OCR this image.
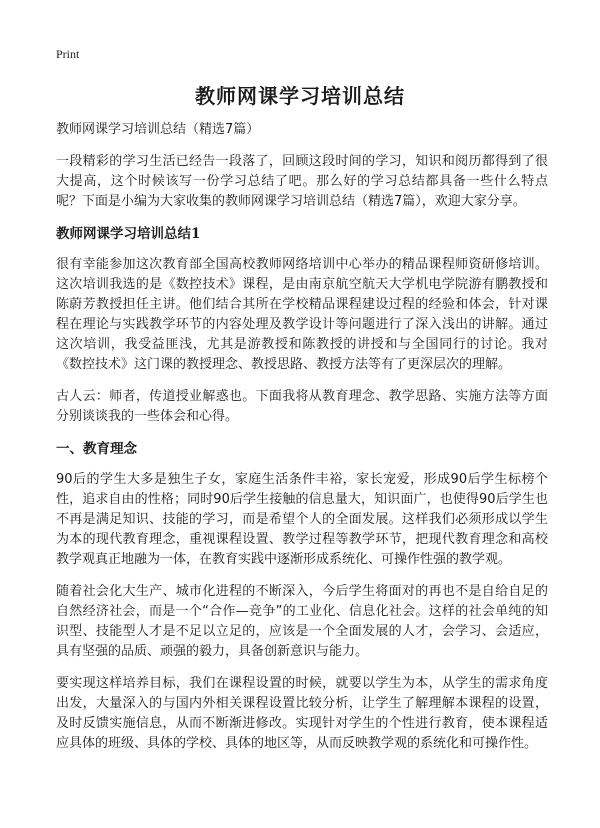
Print
教师网课学习培训总结
教师网课学习培训总结（精选7篇）

一段精彩的学习生活已经告一段落了，回顾这段时间的学习，知识和阅历都得到了很大提高，这个时候该写一份学习总结了吧。那么好的学习总结都具备一些什么特点呢？下面是小编为大家收集的教师网课学习培训总结（精选7篇），欢迎大家分享。

教师网课学习培训总结1

很有幸能参加这次教育部全国高校教师网络培训中心举办的精品课程师资研修培训。这次培训我选的是《数控技术》课程，是由南京航空航天大学机电学院游有鹏教授和陈蔚芳教授担任主讲。他们结合其所在学校精品课程建设过程的经验和体会，针对课程在理论与实践教学环节的内容处理及教学设计等问题进行了深入浅出的讲解。通过这次培训，我受益匪浅，尤其是游教授和陈教授的讲授和与全国同行的讨论。我对《数控技术》这门课的教授理念、教授思路、教授方法等有了更深层次的理解。

古人云：师者，传道授业解惑也。下面我将从教育理念、教学思路、实施方法等方面分别谈谈我的一些体会和心得。

一、教育理念

90后的学生大多是独生子女，家庭生活条件丰裕，家长宠爱，形成90后学生标榜个性，追求自由的性格；同时90后学生接触的信息量大，知识面广，也使得90后学生也不再是满足知识、技能的学习，而是希望个人的全面发展。这样我们必须形成以学生为本的现代教育理念，重视课程设置、教学过程等教学环节，把现代教育理念和高校教学观真正地融为一体，在教育实践中逐渐形成系统化、可操作性强的教学观。

随着社会化大生产、城市化进程的不断深入，今后学生将面对的再也不是自给自足的自然经济社会，而是一个“合作—竞争”的工业化、信息化社会。这样的社会单纯的知识型、技能型人才是不足以立足的，应该是一个全面发展的人才，会学习、会适应，具有坚强的品质、顽强的毅力，具备创新意识与能力。

要实现这样培养目标，我们在课程设置的时候，就要以学生为本，从学生的需求角度出发，大量深入的与国内外相关课程设置比较分析，让学生了解理解本课程的设置，及时反馈实施信息，从而不断渐进修改。实现针对学生的个性进行教育，使本课程适应具体的班级、具体的学校、具体的地区等，从而反映教学观的系统化和可操作性。
